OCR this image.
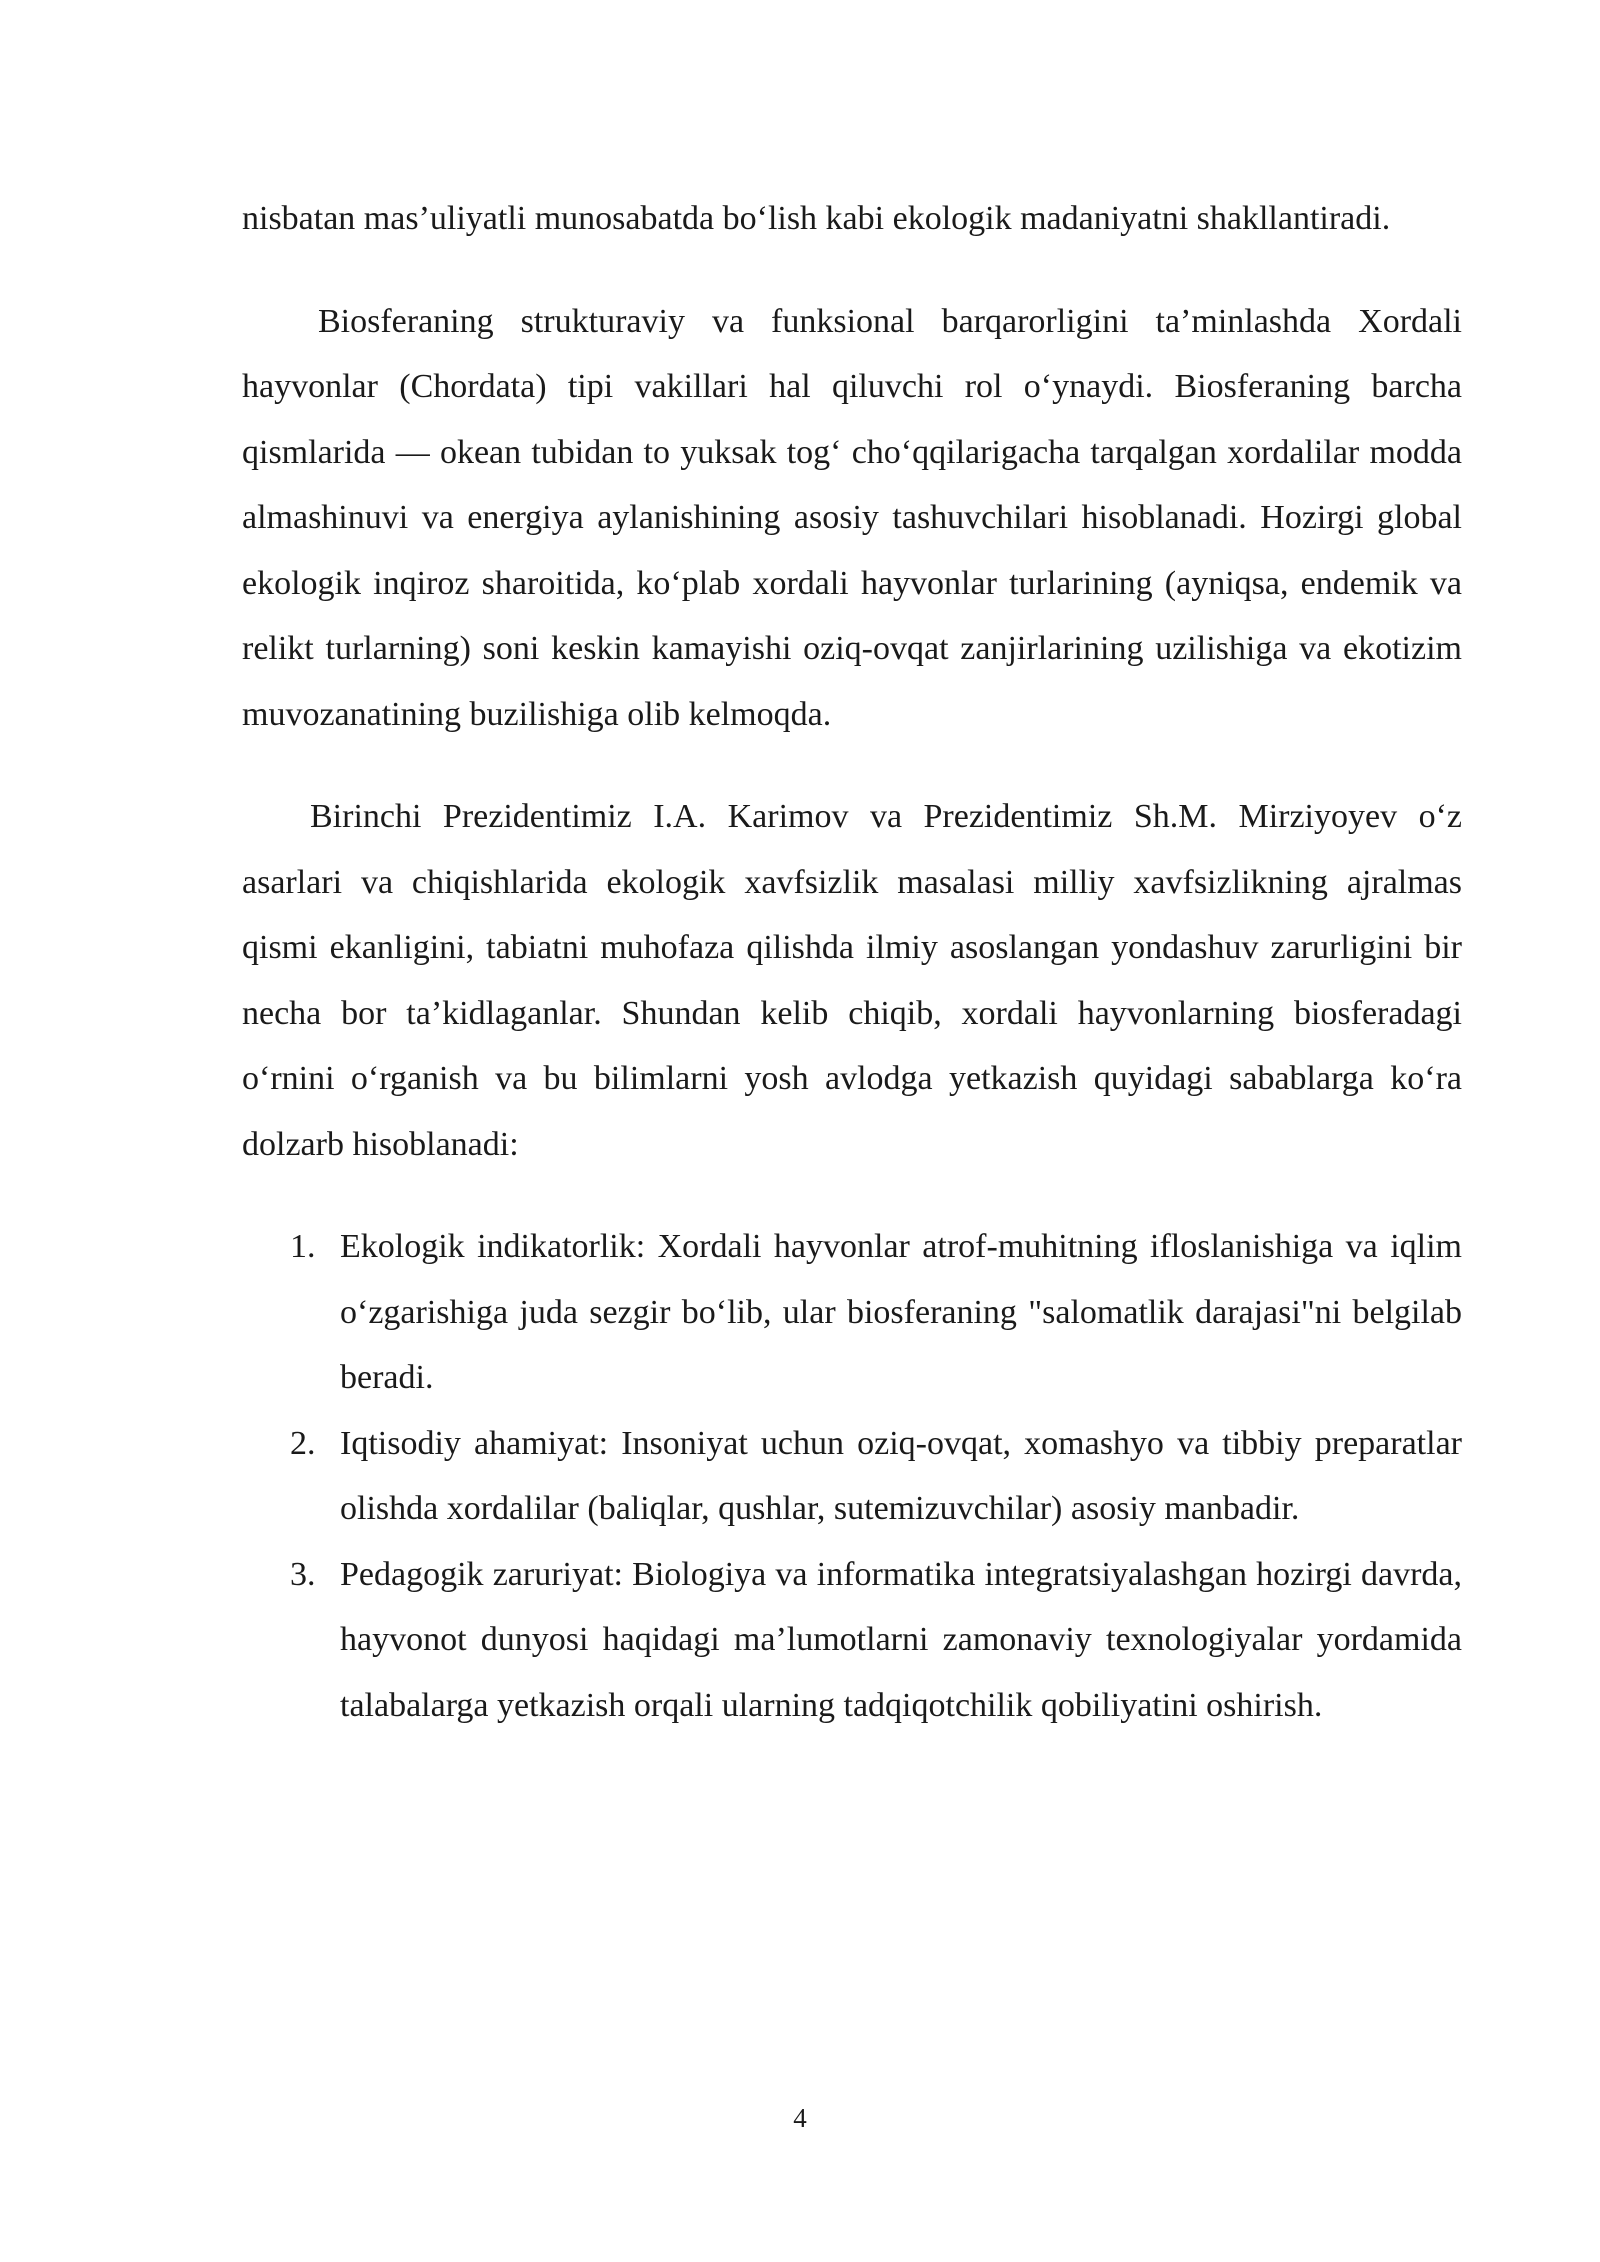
nisbatan mas’uliyatli munosabatda bo‘lish kabi ekologik madaniyatni shakllantiradi.

Biosferaning strukturaviy va funksional barqarorligini ta’minlashda Xordali hayvonlar (Chordata) tipi vakillari hal qiluvchi rol o‘ynaydi. Biosferaning barcha qismlarida — okean tubidan to yuksak tog‘ cho‘qqilarigacha tarqalgan xordalilar modda almashinuvi va energiya aylanishining asosiy tashuvchilari hisoblanadi. Hozirgi global ekologik inqiroz sharoitida, ko‘plab xordali hayvonlar turlarining (ayniqsa, endemik va relikt turlarning) soni keskin kamayishi oziq-ovqat zanjirlarining uzilishiga va ekotizim muvozanatining buzilishiga olib kelmoqda.

Birinchi Prezidentimiz I.A. Karimov va Prezidentimiz Sh.M. Mirziyoyev o‘z asarlari va chiqishlarida ekologik xavfsizlik masalasi milliy xavfsizlikning ajralmas qismi ekanligini, tabiatni muhofaza qilishda ilmiy asoslangan yondashuv zarurligini bir necha bor ta’kidlaganlar. Shundan kelib chiqib, xordali hayvonlarning biosferadagi o‘rnini o‘rganish va bu bilimlarni yosh avlodga yetkazish quyidagi sabablarga ko‘ra dolzarb hisoblanadi:

1. Ekologik indikatorlik: Xordali hayvonlar atrof-muhitning ifloslanishiga va iqlim o‘zgarishiga juda sezgir bo‘lib, ular biosferaning "salomatlik darajasi"ni belgilab beradi.
2. Iqtisodiy ahamiyat: Insoniyat uchun oziq-ovqat, xomashyo va tibbiy preparatlar olishda xordalilar (baliqlar, qushlar, sutemizuvchilar) asosiy manbadir.
3. Pedagogik zaruriyat: Biologiya va informatika integratsiyalashgan hozirgi davrda, hayvonot dunyosi haqidagi ma’lumotlarni zamonaviy texnologiyalar yordamida talabalarga yetkazish orqali ularning tadqiqotchilik qobiliyatini oshirish.
4
